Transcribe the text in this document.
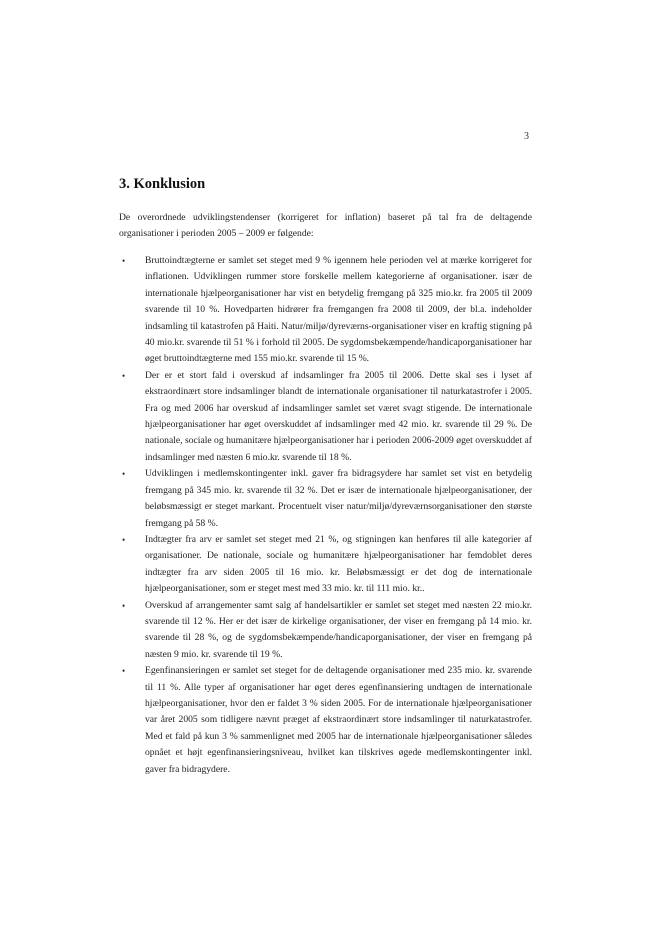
3
3. Konklusion

De overordnede udviklingstendenser (korrigeret for inflation) baseret på tal fra de deltagende organisationer i perioden 2005 – 2009 er følgende:

• Bruttoindtægterne er samlet set steget med 9 % igennem hele perioden vel at mærke korrigeret for inflationen. Udviklingen rummer store forskelle mellem kategorierne af organisationer. især de internationale hjælpeorganisationer har vist en betydelig fremgang på 325 mio.kr. fra 2005 til 2009 svarende til 10 %. Hovedparten hidrører fra fremgangen fra 2008 til 2009, der bl.a. indeholder indsamling til katastrofen på Haiti. Natur/miljø/dyreværns-organisationer viser en kraftig stigning på 40 mio.kr. svarende til 51 % i forhold til 2005. De sygdomsbekæmpende/handicaporganisationer har øget bruttoindtægterne med 155 mio.kr. svarende til 15 %.
• Der er et stort fald i overskud af indsamlinger fra 2005 til 2006. Dette skal ses i lyset af ekstraordinært store indsamlinger blandt de internationale organisationer til naturkatastrofer i 2005. Fra og med 2006 har overskud af indsamlinger samlet set været svagt stigende. De internationale hjælpeorganisationer har øget overskuddet af indsamlinger med 42 mio. kr. svarende til 29 %. De nationale, sociale og humanitære hjælpeorganisationer har i perioden 2006-2009 øget overskuddet af indsamlinger med næsten 6 mio.kr. svarende til 18 %.
• Udviklingen i medlemskontingenter inkl. gaver fra bidragsydere har samlet set vist en betydelig fremgang på 345 mio. kr. svarende til 32 %. Det er især de internationale hjælpeorganisationer, der beløbsmæssigt er steget markant. Procentuelt viser natur/miljø/dyreværnsorganisationer den største fremgang på 58 %.
• Indtægter fra arv er samlet set steget med 21 %, og stigningen kan henføres til alle kategorier af organisationer. De nationale, sociale og humanitære hjælpeorganisationer har femdoblet deres indtægter fra arv siden 2005 til 16 mio. kr. Beløbsmæssigt er det dog de internationale hjælpeorganisationer, som er steget mest med 33 mio. kr. til 111 mio. kr..
• Overskud af arrangementer samt salg af handelsartikler er samlet set steget med næsten 22 mio.kr. svarende til 12 %. Her er det især de kirkelige organisationer, der viser en fremgang på 14 mio. kr. svarende til 28 %, og de sygdomsbekæmpende/handicaporganisationer, der viser en fremgang på næsten 9 mio. kr. svarende til 19 %.
• Egenfinansieringen er samlet set steget for de deltagende organisationer med 235 mio. kr. svarende til 11 %. Alle typer af organisationer har øget deres egenfinansiering undtagen de internationale hjælpeorganisationer, hvor den er faldet 3 % siden 2005. For de internationale hjælpeorganisationer var året 2005 som tidligere nævnt præget af ekstraordinært store indsamlinger til naturkatastrofer. Med et fald på kun 3 % sammenlignet med 2005 har de internationale hjælpeorganisationer således opnået et højt egenfinansieringsniveau, hvilket kan tilskrives øgede medlemskontingenter inkl. gaver fra bidragydere.
